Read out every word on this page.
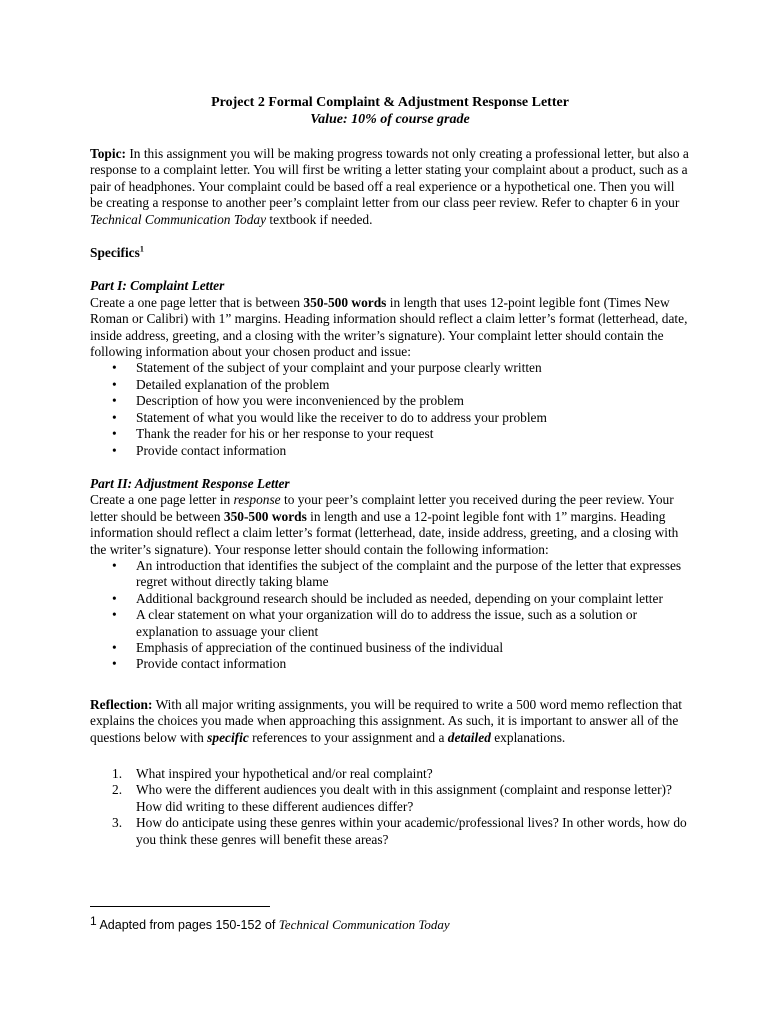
Project 2 Formal Complaint & Adjustment Response Letter
Value: 10% of course grade

Topic: In this assignment you will be making progress towards not only creating a professional letter, but also a response to a complaint letter. You will first be writing a letter stating your complaint about a product, such as a pair of headphones. Your complaint could be based off a real experience or a hypothetical one. Then you will be creating a response to another peer’s complaint letter from our class peer review. Refer to chapter 6 in your Technical Communication Today textbook if needed.

Specifics$^1$

Part I: Complaint Letter

Create a one page letter that is between 350-500 words in length that uses 12-point legible font (Times New Roman or Calibri) with 1” margins. Heading information should reflect a claim letter’s format (letterhead, date, inside address, greeting, and a closing with the writer’s signature). Your complaint letter should contain the following information about your chosen product and issue:

• Statement of the subject of your complaint and your purpose clearly written
• Detailed explanation of the problem
• Description of how you were inconvenienced by the problem
• Statement of what you would like the receiver to do to address your problem
• Thank the reader for his or her response to your request
• Provide contact information

Part II: Adjustment Response Letter

Create a one page letter in response to your peer’s complaint letter you received during the peer review. Your letter should be between 350-500 words in length and use a 12-point legible font with 1” margins. Heading information should reflect a claim letter’s format (letterhead, date, inside address, greeting, and a closing with the writer’s signature). Your response letter should contain the following information:

• An introduction that identifies the subject of the complaint and the purpose of the letter that expresses regret without directly taking blame
• Additional background research should be included as needed, depending on your complaint letter
• A clear statement on what your organization will do to address the issue, such as a solution or explanation to assuage your client
• Emphasis of appreciation of the continued business of the individual
• Provide contact information

Reflection: With all major writing assignments, you will be required to write a 500 word memo reflection that explains the choices you made when approaching this assignment. As such, it is important to answer all of the questions below with specific references to your assignment and a detailed explanations.

1. What inspired your hypothetical and/or real complaint?
2. Who were the different audiences you dealt with in this assignment (complaint and response letter)? How did writing to these different audiences differ?
3. How do anticipate using these genres within your academic/professional lives? In other words, how do you think these genres will benefit these areas?
1 Adapted from pages 150-152 of Technical Communication Today
